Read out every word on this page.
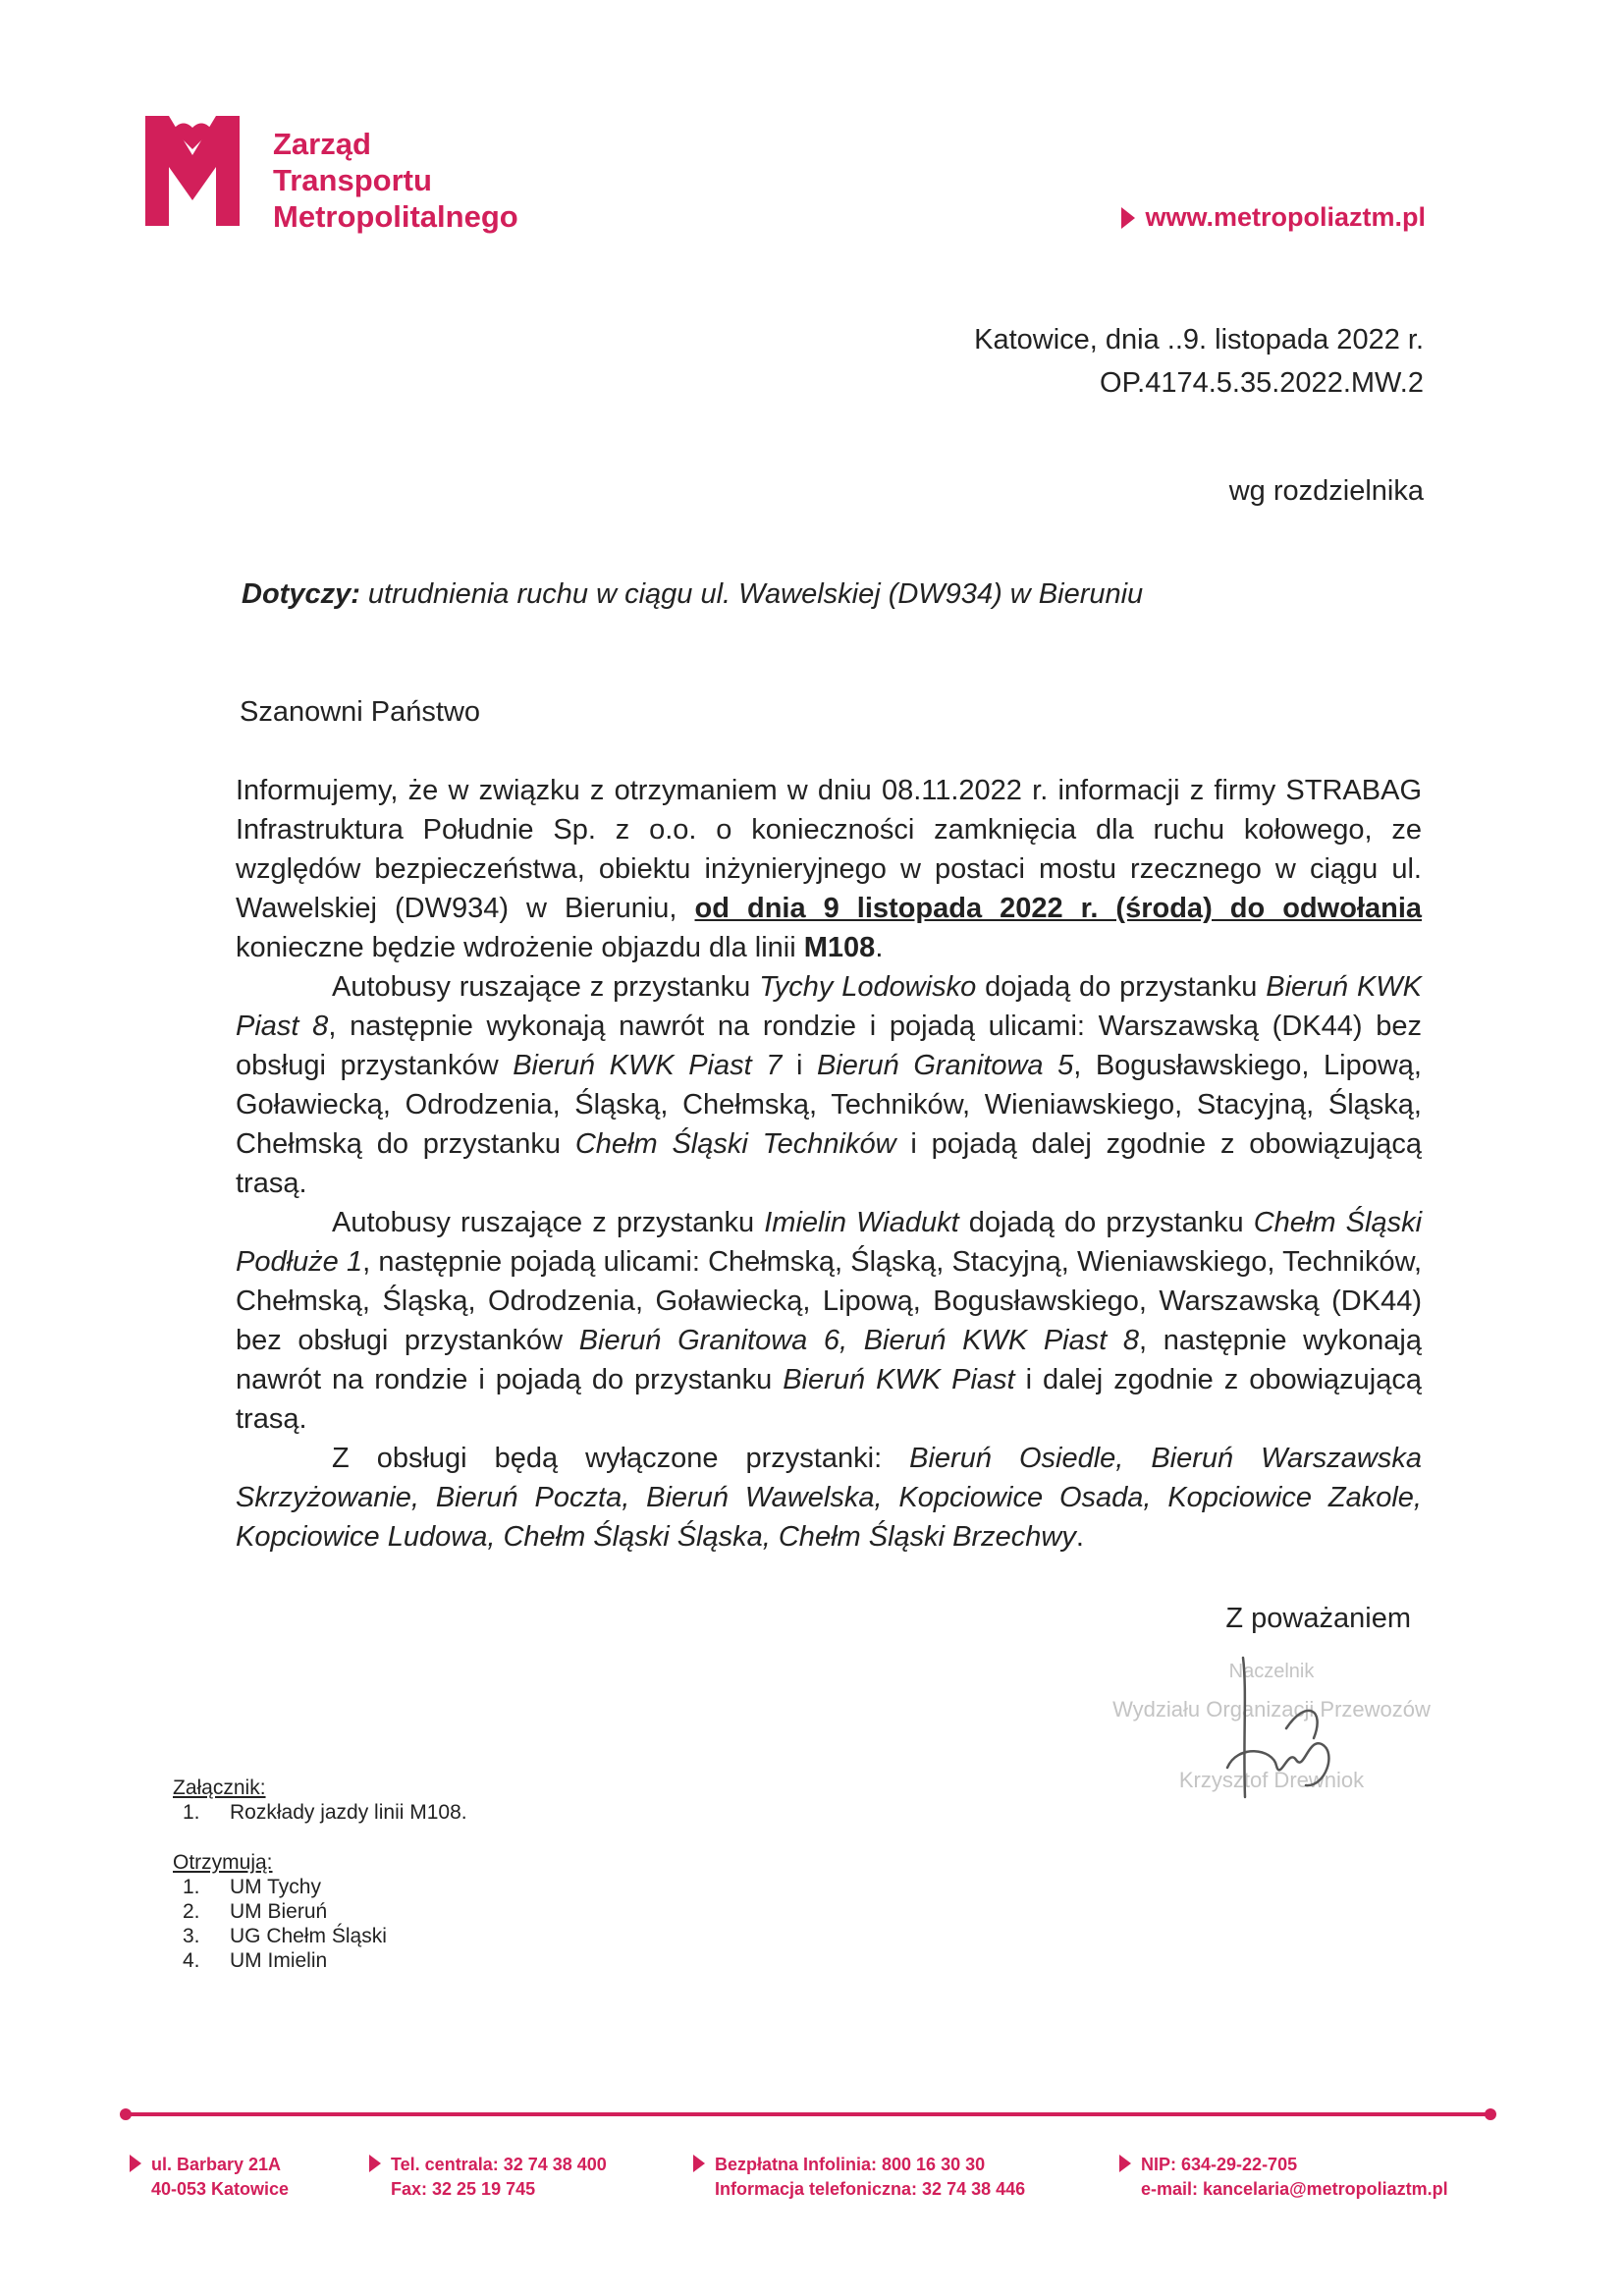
Zarząd
Transportu
Metropolitalnego	www.metropoliaztm.pl
Katowice, dnia ..9. listopada 2022 r.
OP.4174.5.35.2022.MW.2
wg rozdzielnika
Dotyczy: utrudnienia ruchu w ciągu ul. Wawelskiej (DW934) w Bieruniu
Szanowni Państwo

Informujemy, że w związku z otrzymaniem w dniu 08.11.2022 r. informacji z firmy STRABAG Infrastruktura Południe Sp. z o.o. o konieczności zamknięcia dla ruchu kołowego, ze względów bezpieczeństwa, obiektu inżynieryjnego w postaci mostu rzecznego w ciągu ul. Wawelskiej (DW934) w Bieruniu, od dnia 9 listopada 2022 r. (środa) do odwołania konieczne będzie wdrożenie objazdu dla linii M108.

Autobusy ruszające z przystanku Tychy Lodowisko dojadą do przystanku Bieruń KWK Piast 8, następnie wykonają nawrót na rondzie i pojadą ulicami: Warszawską (DK44) bez obsługi przystanków Bieruń KWK Piast 7 i Bieruń Granitowa 5, Bogusławskiego, Lipową, Goławiecką, Odrodzenia, Śląską, Chełmską, Techników, Wieniawskiego, Stacyjną, Śląską, Chełmską do przystanku Chełm Śląski Techników i pojadą dalej zgodnie z obowiązującą trasą.

Autobusy ruszające z przystanku Imielin Wiadukt dojadą do przystanku Chełm Śląski Podłuże 1, następnie pojadą ulicami: Chełmską, Śląską, Stacyjną, Wieniawskiego, Techników, Chełmską, Śląską, Odrodzenia, Goławiecką, Lipową, Bogusławskiego, Warszawską (DK44) bez obsługi przystanków Bieruń Granitowa 6, Bieruń KWK Piast 8, następnie wykonają nawrót na rondzie i pojadą do przystanku Bieruń KWK Piast i dalej zgodnie z obowiązującą trasą.

Z obsługi będą wyłączone przystanki: Bieruń Osiedle, Bieruń Warszawska Skrzyżowanie, Bieruń Poczta, Bieruń Wawelska, Kopciowice Osada, Kopciowice Zakole, Kopciowice Ludowa, Chełm Śląski Śląska, Chełm Śląski Brzechwy.

Z poważaniem
Naczelnik
Wydziału Organizacji Przewozów
Krzysztof Drewniok
Załącznik:
1.	Rozkłady jazdy linii M108.
Otrzymują:
1.	UM Tychy
2.	UM Bieruń
3.	UG Chełm Śląski
4.	UM Imielin
ul. Barbary 21A
40-053 Katowice
Tel. centrala: 32 74 38 400
Fax: 32 25 19 745
Bezpłatna Infolinia: 800 16 30 30
Informacja telefoniczna: 32 74 38 446
NIP: 634-29-22-705
e-mail: kancelaria@metropoliaztm.pl
